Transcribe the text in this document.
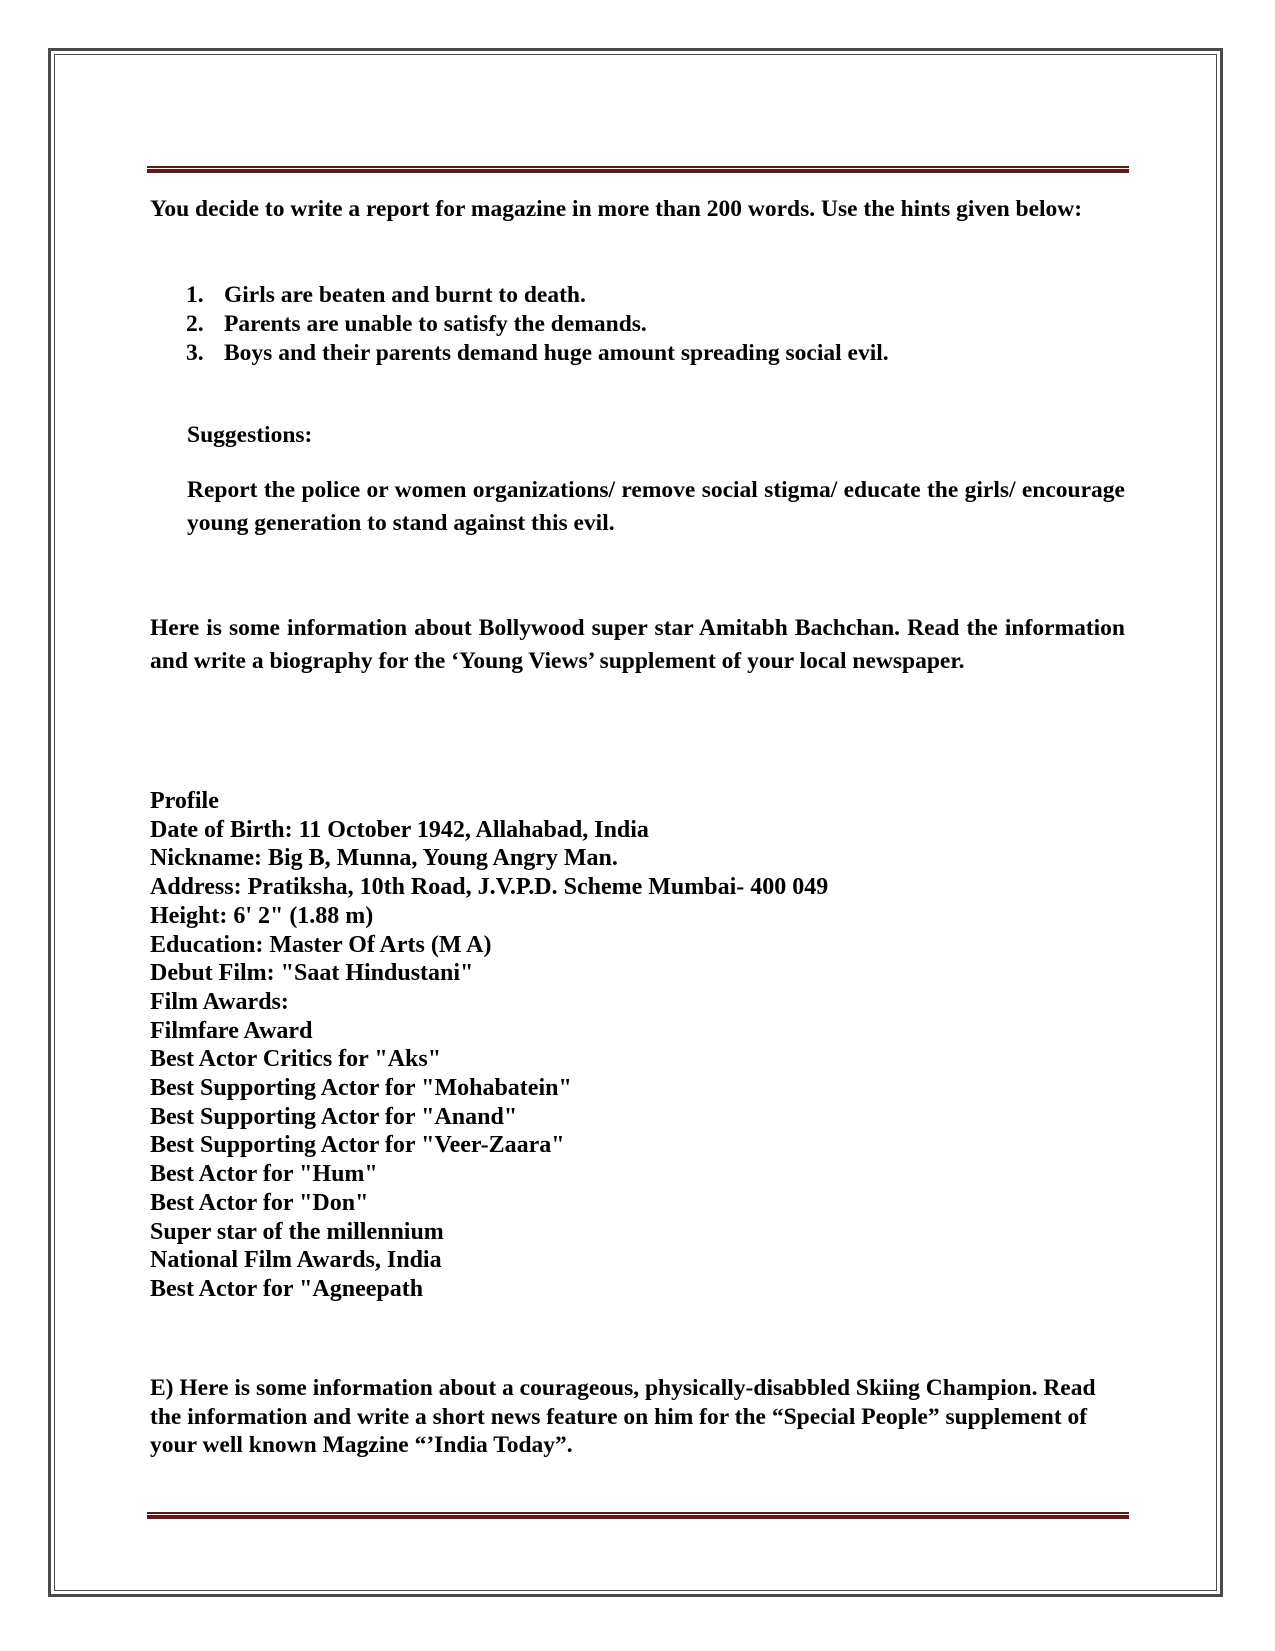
You decide to write a report for magazine in more than 200 words. Use the hints given below:

1. Girls are beaten and burnt to death.
2. Parents are unable to satisfy the demands.
3. Boys and their parents demand huge amount spreading social evil.
Suggestions:
Report the police or women organizations/ remove social stigma/ educate the girls/ encourage young generation to stand against this evil.

Here is some information about Bollywood super star Amitabh Bachchan. Read the information and write a biography for the ‘Young Views’ supplement of your local newspaper.

Profile
Date of Birth: 11 October 1942, Allahabad, India
Nickname: Big B, Munna, Young Angry Man.
Address: Pratiksha, 10th Road, J.V.P.D. Scheme Mumbai- 400 049
Height: 6' 2" (1.88 m)
Education: Master Of Arts (M A)
Debut Film: "Saat Hindustani"
Film Awards:
Filmfare Award
Best Actor Critics for "Aks"
Best Supporting Actor for "Mohabatein"
Best Supporting Actor for "Anand"
Best Supporting Actor for "Veer-Zaara"
Best Actor for "Hum"
Best Actor for "Don"
Super star of the millennium
National Film Awards, India
Best Actor for "Agneepath

E) Here is some information about a courageous, physically-disabbled Skiing Champion. Read the information and write a short news feature on him for the “Special People” supplement of your well known Magzine “’India Today”.
